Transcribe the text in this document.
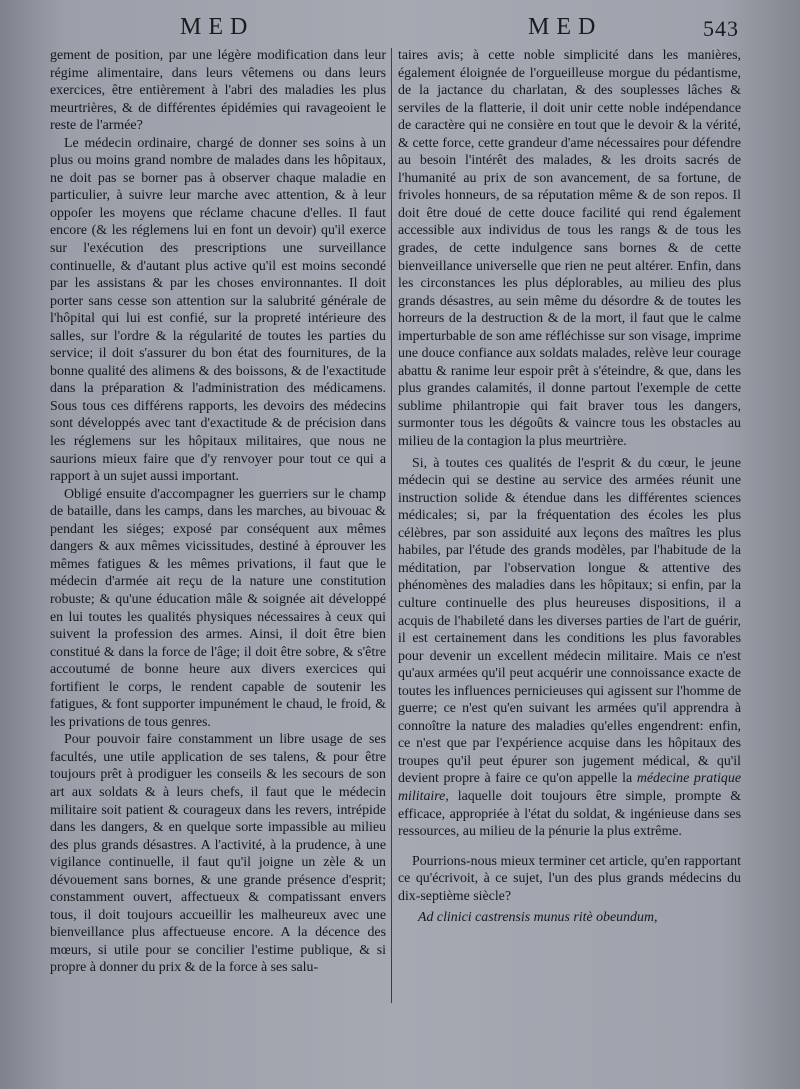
MED	MED	543

gement de position, par une légère modification dans leur régime alimentaire, dans leurs vêtemens ou dans leurs exercices, être entièrement à l'abri des maladies les plus meurtrières, & de différentes épidémies qui ravageoient le reste de l'armée?

Le médecin ordinaire, chargé de donner ses soins à un plus ou moins grand nombre de malades dans les hôpitaux, ne doit pas se borner pas à observer chaque maladie en particulier, à suivre leur marche avec attention, & à leur oppoſer les moyens que réclame chacune d'elles. Il faut encore (& les réglemens lui en font un devoir) qu'il exerce sur l'exécution des prescriptions une surveillance continuelle, & d'autant plus active qu'il est moins secondé par les assistans & par les choses environnantes. Il doit porter sans cesse son attention sur la salubrité générale de l'hôpital qui lui est confié, sur la propreté intérieure des salles, sur l'ordre & la régularité de toutes les parties du service; il doit s'assurer du bon état des fournitures, de la bonne qualité des alimens & des boissons, & de l'exactitude dans la préparation & l'administration des médicamens. Sous tous ces différens rapports, les devoirs des médecins sont développés avec tant d'exactitude & de précision dans les réglemens sur les hôpitaux militaires, que nous ne saurions mieux faire que d'y renvoyer pour tout ce qui a rapport à un sujet aussi important.

Obligé ensuite d'accompagner les guerriers sur le champ de bataille, dans les camps, dans les marches, au bivouac & pendant les siéges; exposé par conséquent aux mêmes dangers & aux mêmes vicissitudes, destiné à éprouver les mêmes fatigues & les mêmes privations, il faut que le médecin d'armée ait reçu de la nature une constitution robuste; & qu'une éducation mâle & soignée ait développé en lui toutes les qualités physiques nécessaires à ceux qui suivent la profession des armes. Ainsi, il doit être bien constitué & dans la force de l'âge; il doit être sobre, & s'être accoutumé de bonne heure aux divers exercices qui fortifient le corps, le rendent capable de soutenir les fatigues, & font supporter impunément le chaud, le froid, & les privations de tous genres.

Pour pouvoir faire constamment un libre usage de ses facultés, une utile application de ses talens, & pour être toujours prêt à prodiguer les conseils & les secours de son art aux soldats & à leurs chefs, il faut que le médecin militaire soit patient & courageux dans les revers, intrépide dans les dangers, & en quelque sorte impassible au milieu des plus grands désastres. A l'activité, à la prudence, à une vigilance continuelle, il faut qu'il joigne un zèle & un dévouement sans bornes, & une grande présence d'esprit; constamment ouvert, affectueux & compatissant envers tous, il doit toujours accueillir les malheureux avec une bienveillance plus affectueuse encore. A la décence des mœurs, si utile pour se concilier l'estime publique, & si propre à donner du prix & de la force à ses salu-

taires avis; à cette noble simplicité dans les manières, également éloignée de l'orgueilleuse morgue du pédantisme, de la jactance du charlatan, & des souplesses lâches & serviles de la flatterie, il doit unir cette noble indépendance de caractère qui ne consière en tout que le devoir & la vérité, & cette force, cette grandeur d'ame nécessaires pour défendre au besoin l'intérêt des malades, & les droits sacrés de l'humanité au prix de son avancement, de sa fortune, de frivoles honneurs, de sa réputation même & de son repos. Il doit être doué de cette douce facilité qui rend également accessible aux individus de tous les rangs & de tous les grades, de cette indulgence sans bornes & de cette bienveillance universelle que rien ne peut altérer. Enfin, dans les circonstances les plus déplorables, au milieu des plus grands désastres, au sein même du désordre & de toutes les horreurs de la destruction & de la mort, il faut que le calme imperturbable de son ame réfléchisse sur son visage, imprime une douce confiance aux soldats malades, relève leur courage abattu & ranime leur espoir prêt à s'éteindre, & que, dans les plus grandes calamités, il donne partout l'exemple de cette sublime philantropie qui fait braver tous les dangers, surmonter tous les dégoûts & vaincre tous les obstacles au milieu de la contagion la plus meurtrière.

Si, à toutes ces qualités de l'esprit & du cœur, le jeune médecin qui se destine au service des armées réunit une instruction solide & étendue dans les différentes sciences médicales; si, par la fréquentation des écoles les plus célèbres, par son assiduité aux leçons des maîtres les plus habiles, par l'étude des grands modèles, par l'habitude de la méditation, par l'observation longue & attentive des phénomènes des maladies dans les hôpitaux; si enfin, par la culture continuelle des plus heureuses dispositions, il a acquis de l'habileté dans les diverses parties de l'art de guérir, il est certainement dans les conditions les plus favorables pour devenir un excellent médecin militaire. Mais ce n'est qu'aux armées qu'il peut acquérir une connoissance exacte de toutes les influences pernicieuses qui agissent sur l'homme de guerre; ce n'est qu'en suivant les armées qu'il apprendra à connoître la nature des maladies qu'elles engendrent: enfin, ce n'est que par l'expérience acquise dans les hôpitaux des troupes qu'il peut épurer son jugement médical, & qu'il devient propre à faire ce qu'on appelle la médecine pratique militaire, laquelle doit toujours être simple, prompte & efficace, appropriée à l'état du soldat, & ingénieuse dans ses ressources, au milieu de la pénurie la plus extrême.

Pourrions-nous mieux terminer cet article, qu'en rapportant ce qu'écrivoit, à ce sujet, l'un des plus grands médecins du dix-septième siècle?

Ad clinici castrensis munus ritè obeundum,
